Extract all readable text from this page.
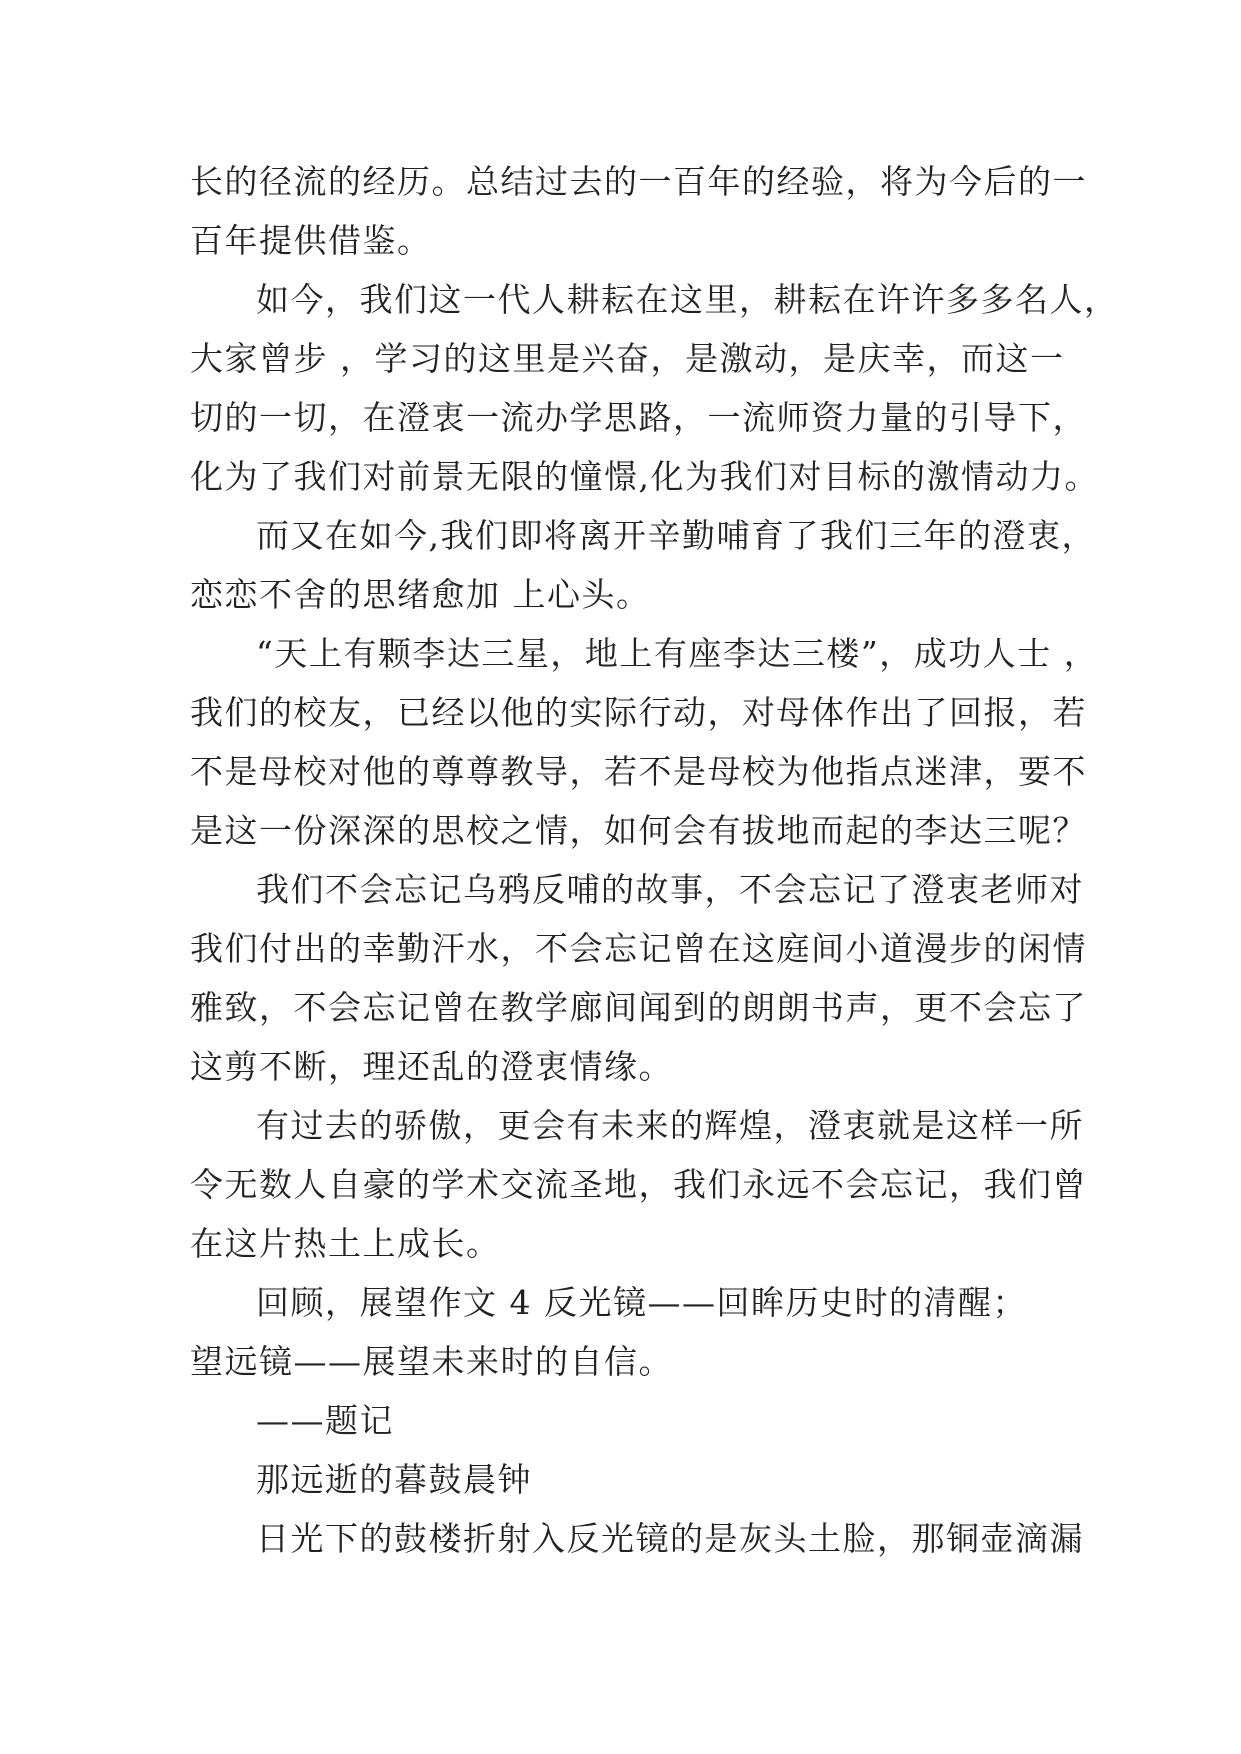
长的径流的经历。总结过去的一百年的经验，将为今后的一
百年提供借鉴。
如今，我们这一代人耕耘在这里，耕耘在许许多多名人，
大家曾步 ，学习的这里是兴奋，是激动，是庆幸，而这一
切的一切，在澄衷一流办学思路，一流师资力量的引导下，
化为了我们对前景无限的憧憬,化为我们对目标的激情动力。
而又在如今,我们即将离开辛勤哺育了我们三年的澄衷，
恋恋不舍的思绪愈加 上心头。
“天上有颗李达三星，地上有座李达三楼”，成功人士 ，
我们的校友，已经以他的实际行动，对母体作出了回报，若
不是母校对他的尊尊教导，若不是母校为他指点迷津，要不
是这一份深深的思校之情，如何会有拔地而起的李达三呢？
我们不会忘记乌鸦反哺的故事，不会忘记了澄衷老师对
我们付出的幸勤汗水，不会忘记曾在这庭间小道漫步的闲情
雅致，不会忘记曾在教学廊间闻到的朗朗书声，更不会忘了
这剪不断，理还乱的澄衷情缘。
有过去的骄傲，更会有未来的辉煌，澄衷就是这样一所
令无数人自豪的学术交流圣地，我们永远不会忘记，我们曾
在这片热土上成长。
回顾，展望作文 4 反光镜——回眸历史时的清醒；
望远镜——展望未来时的自信。
——题记
那远逝的暮鼓晨钟
日光下的鼓楼折射入反光镜的是灰头土脸，那铜壶滴漏
